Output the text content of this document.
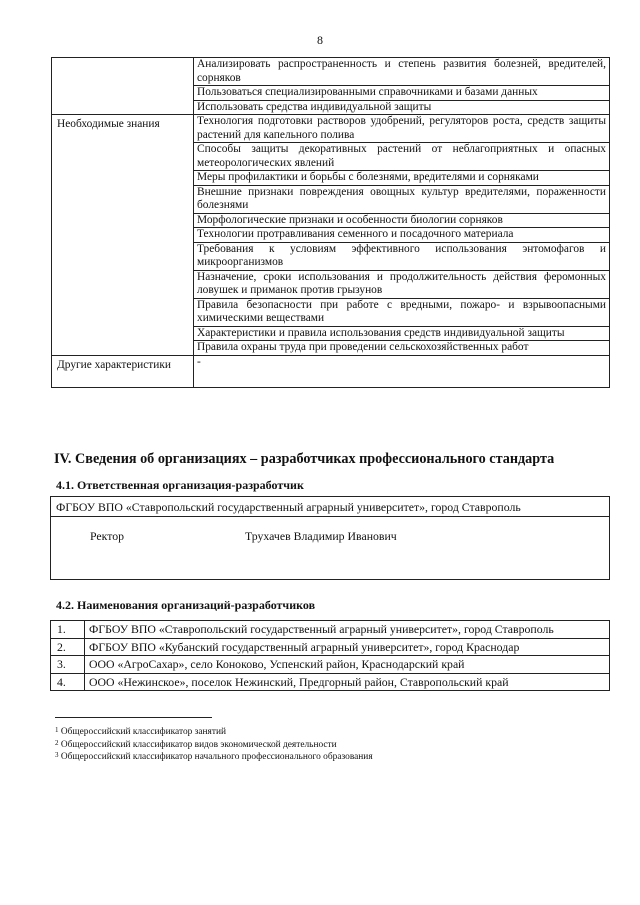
8
	Анализировать распространенность и степень развития болезней, вредителей, сорняков
	Пользоваться специализированными справочниками и базами данных
	Использовать средства индивидуальной защиты
Необходимые знания	Технология подготовки растворов удобрений, регуляторов роста, средств защиты растений для капельного полива
	Способы защиты декоративных растений от неблагоприятных и опасных метеорологических явлений
	Меры профилактики и борьбы с болезнями, вредителями и сорняками
	Внешние признаки повреждения овощных культур вредителями, пораженности болезнями
	Морфологические признаки и особенности биологии сорняков
	Технологии протравливания семенного и посадочного материала
	Требования к условиям эффективного использования энтомофагов и микроорганизмов
	Назначение, сроки использования и продолжительность действия феромонных ловушек и приманок против грызунов
	Правила безопасности при работе с вредными, пожаро- и взрывоопасными химическими веществами
	Характеристики и правила использования средств индивидуальной защиты
	Правила охраны труда при проведении сельскохозяйственных работ
Другие характеристики	-
IV. Сведения об организациях – разработчиках профессионального стандарта
4.1. Ответственная организация-разработчик
ФГБОУ ВПО «Ставропольский государственный аграрный университет», город Ставрополь
Ректор	Трухачев Владимир Иванович
4.2. Наименования организаций-разработчиков
1.	ФГБОУ ВПО «Ставропольский государственный аграрный университет», город Ставрополь
2.	ФГБОУ ВПО «Кубанский государственный аграрный университет», город Краснодар
3.	ООО «АгроСахар», село Коноково, Успенский район, Краснодарский край
4.	ООО «Нежинское», поселок Нежинский, Предгорный район, Ставропольский край
$^1$ Общероссийский классификатор занятий
$^2$ Общероссийский классификатор видов экономической деятельности
$^3$ Общероссийский классификатор начального профессионального образования
